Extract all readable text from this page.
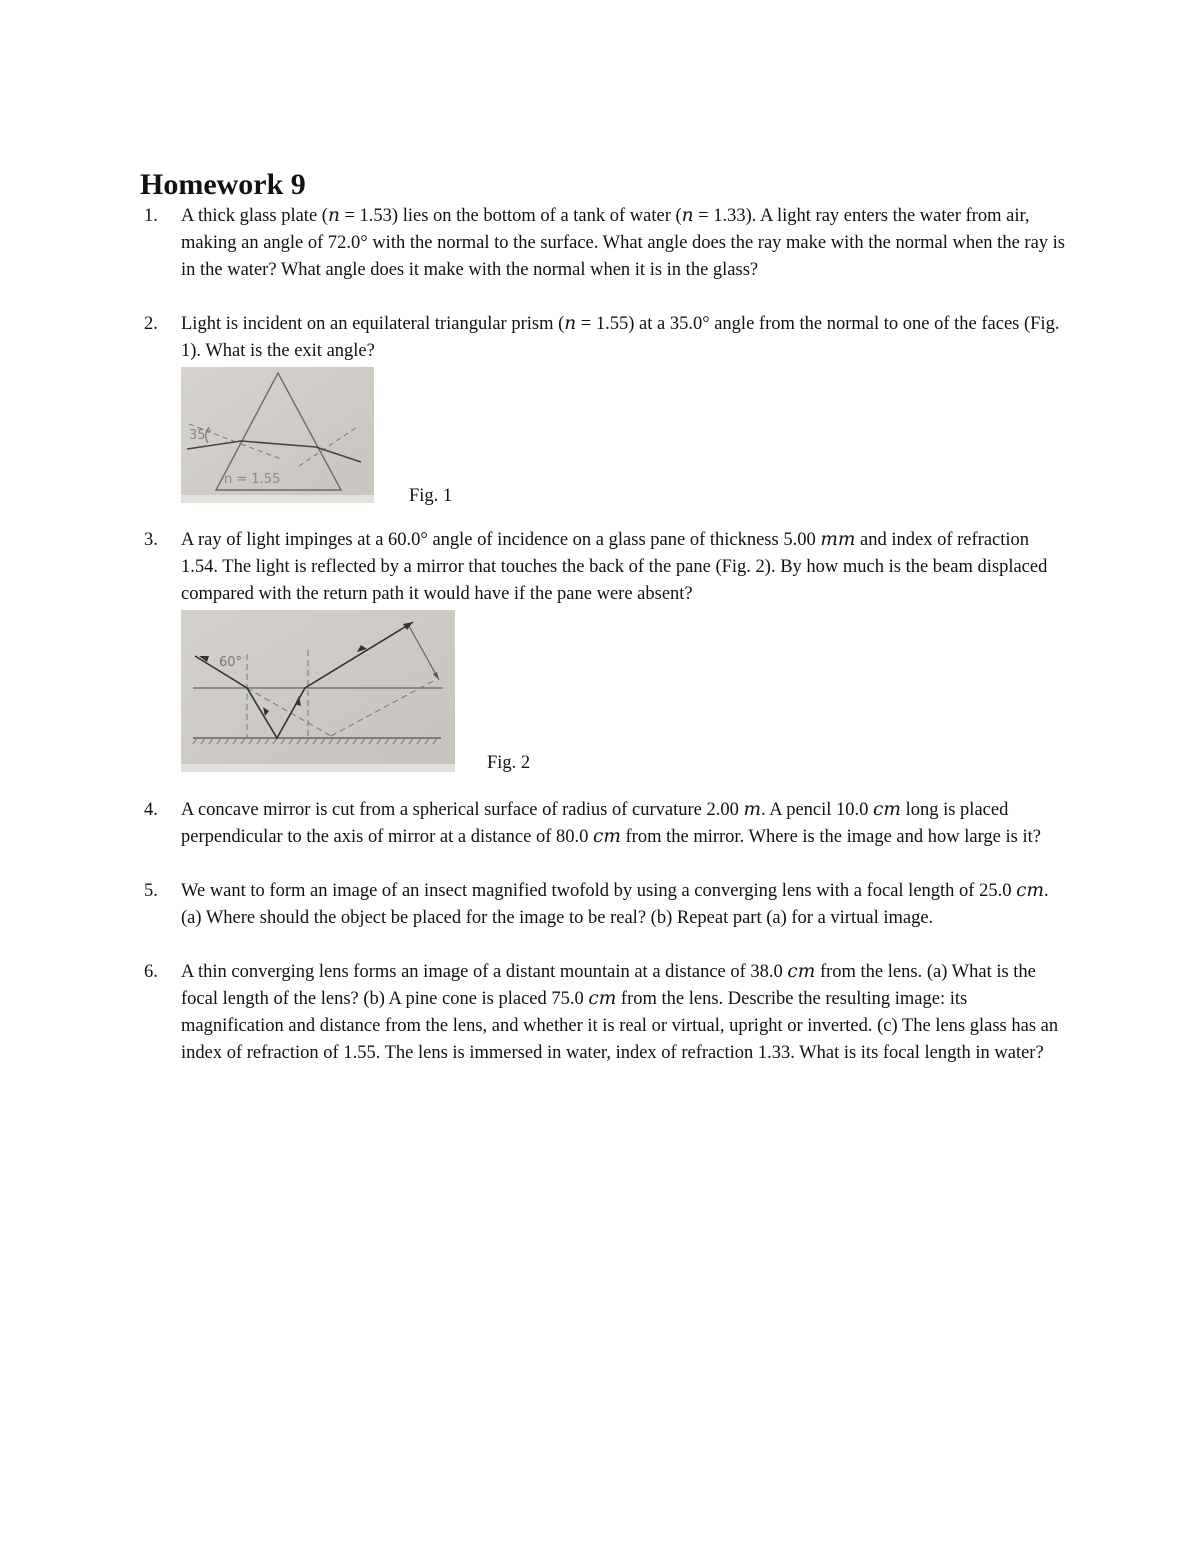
Homework 9
1. A thick glass plate (𝑛 = 1.53) lies on the bottom of a tank of water (𝑛 = 1.33). A light ray enters the water from air, making an angle of 72.0° with the normal to the surface. What angle does the ray make with the normal when the ray is in the water? What angle does it make with the normal when it is in the glass?
2. Light is incident on an equilateral triangular prism (𝑛 = 1.55) at a 35.0° angle from the normal to one of the faces (Fig. 1). What is the exit angle?
35°
n = 1.55
Fig. 1
3. A ray of light impinges at a 60.0° angle of incidence on a glass pane of thickness 5.00 𝑚𝑚 and index of refraction 1.54. The light is reflected by a mirror that touches the back of the pane (Fig. 2). By how much is the beam displaced compared with the return path it would have if the pane were absent?
60°
Fig. 2
4. A concave mirror is cut from a spherical surface of radius of curvature 2.00 𝑚. A pencil 10.0 𝑐𝑚 long is placed perpendicular to the axis of mirror at a distance of 80.0 𝑐𝑚 from the mirror. Where is the image and how large is it?
5. We want to form an image of an insect magnified twofold by using a converging lens with a focal length of 25.0 𝑐𝑚. (a) Where should the object be placed for the image to be real? (b) Repeat part (a) for a virtual image.
6. A thin converging lens forms an image of a distant mountain at a distance of 38.0 𝑐𝑚 from the lens. (a) What is the focal length of the lens? (b) A pine cone is placed 75.0 𝑐𝑚 from the lens. Describe the resulting image: its magnification and distance from the lens, and whether it is real or virtual, upright or inverted. (c) The lens glass has an index of refraction of 1.55. The lens is immersed in water, index of refraction 1.33. What is its focal length in water?
